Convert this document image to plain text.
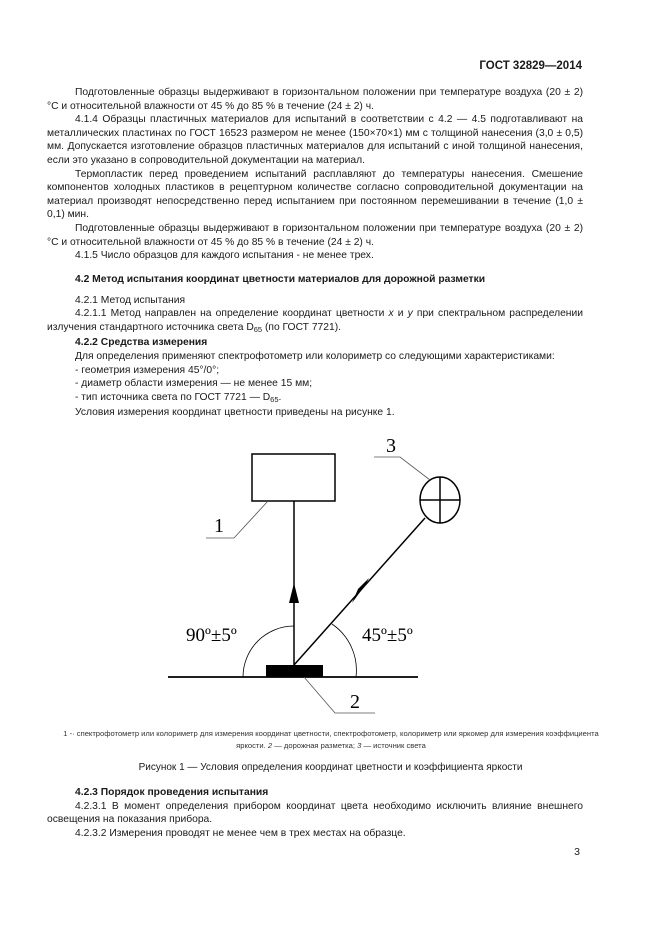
ГОСТ 32829—2014

Подготовленные образцы выдерживают в горизонтальном положении при температуре воздуха (20 ± 2) °С и относительной влажности от 45 % до 85 % в течение (24 ± 2) ч.

4.1.4 Образцы пластичных материалов для испытаний в соответствии с 4.2 — 4.5 подготавливают на металлических пластинах по ГОСТ 16523 размером не менее (150×70×1) мм с толщиной нанесения (3,0 ± 0,5) мм. Допускается изготовление образцов пластичных материалов для испытаний с иной толщиной нанесения, если это указано в сопроводительной документации на материал.

Термопластик перед проведением испытаний расплавляют до температуры нанесения. Смешение компонентов холодных пластиков в рецептурном количестве согласно сопроводительной документации на материал производят непосредственно перед испытанием при постоянном перемешивании в течение (1,0 ± 0,1) мин.

Подготовленные образцы выдерживают в горизонтальном положении при температуре воздуха (20 ± 2) °С и относительной влажности от 45 % до 85 % в течение (24 ± 2) ч.

4.1.5 Число образцов для каждого испытания - не менее трех.

4.2 Метод испытания координат цветности материалов для дорожной разметки

4.2.1 Метод испытания

4.2.1.1 Метод направлен на определение координат цветности x и y при спектральном распределении излучения стандартного источника света $D_{65}$ (по ГОСТ 7721).

4.2.2 Средства измерения

Для определения применяют спектрофотометр или колориметр со следующими характеристиками:

- геометрия измерения 45°/0°;

- диаметр области измерения — не менее 15 мм;

- тип источника света по ГОСТ 7721 — $D_{65}$.

Условия измерения координат цветности приведены на рисунке 1.

1
3
2
90º±5º	45º±5º
1 -· спектрофотометр или колориметр для измерения координат цветности, спектрофотометр, колориметр или яркомер для измерения коэффициента яркости. 2 — дорожная разметка; 3 — источник света
Рисунок 1 — Условия определения координат цветности и коэффициента яркости

4.2.3 Порядок проведения испытания

4.2.3.1 В момент определения прибором координат цвета необходимо исключить влияние внешнего освещения на показания прибора.

4.2.3.2 Измерения проводят не менее чем в трех местах на образце.

3
